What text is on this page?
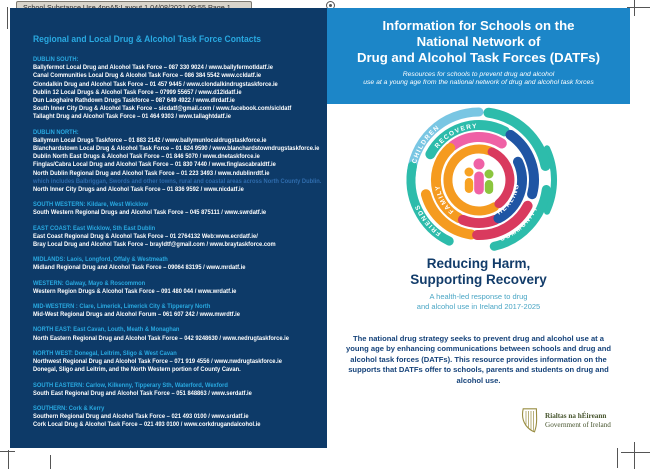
Regional and Local Drug & Alcohol Task Force Contacts
DUBLIN SOUTH:
Ballyfermot Local Drug and Alcohol Task Force – 087 330 9024 / www.ballyfermotldatf.ie
Canal Communities Local Drug & Alcohol Task Force – 086 384 5542 www.ccldatf.ie
Clondalkin Drug and Alcohol Task Force – 01 457 9445 / www.clondalkindrugstaskforce.ie
Dublin 12 Local Drugs & Alcohol Task Force – 07999 55657 / www.d12ldatf.ie
Dun Laoghaire Rathdown Drugs Taskforce – 087 649 4922 / www.dlrdatf.ie
South Inner City Drug & Alcohol Task Force – sicdatf@gmail.com / www.facebook.com/sicldatf
Tallaght Drug and Alcohol Task Force – 01 464 9303 / www.tallaghtdatf.ie
DUBLIN NORTH:
Ballymun Local Drugs Taskforce – 01 883 2142 / www.ballymunlocaldrugstaskforce.ie
Blanchardstown Local Drug & Alcohol Task Force – 01 824 9590 / www.blanchardstowndrugstaskforce.ie
Dublin North East Drugs & Alcohol Task Force – 01 846 5070 / www.dnetaskforce.ie
Finglas/Cabra Local Drug and Alcohol Task Force – 01 830 7440 / www.finglascabraldtf.ie
North Dublin Regional Drug and Alcohol Task Force – 01 223 3493 / www.ndublinrdtf.ie
which includes Balbriggan, Swords and other towns, rural and coastal areas across North County Dublin.
North Inner City Drugs and Alcohol Task Force – 01 836 9592 / www.nicdatf.ie
SOUTH WESTERN: Kildare, West Wicklow
South Western Regional Drugs and Alcohol Task Force – 045 875111 / www.swrdatf.ie
EAST COAST: East Wicklow, Sth East Dublin
East Coast Regional Drug & Alcohol Task Force – 01 2764132 Web:www.ecrdatf.ie/
Bray Local Drug and Alcohol Task Force – brayldtf@gmail.com / www.braytaskforce.com
MIDLANDS: Laois, Longford, Offaly & Westmeath
Midland Regional Drug and Alcohol Task Force – 09064 83195 / www.mrdatf.ie
WESTERN: Galway, Mayo & Roscommon
Western Region Drugs & Alcohol Task Force – 091 480 044 / www.wrdatf.ie
MID-WESTERN : Clare, Limerick, Limerick City & Tipperary North
Mid-West Regional Drugs and Alcohol Forum – 061 607 242 / www.mwrdtf.ie
NORTH EAST: East Cavan, Louth, Meath & Monaghan
North Eastern Regional Drug and Alcohol Task Force – 042 9248630 / www.nedrugtaskforce.ie
NORTH WEST: Donegal, Leitrim, Sligo & West Cavan
Northwest Regional Drug and Alcohol Task Force – 071 919 4556 / www.nwdrugtaskforce.ie
Donegal, Sligo and Leitrim, and the North Western portion of County Cavan.
SOUTH EASTERN: Carlow, Kilkenny, Tipperary Sth, Waterford, Wexford
South East Regional Drug and Alcohol Task Force – 051 848863 / www.serdatf.ie
SOUTHERN: Cork & Kerry
Southern Regional Drug and Alcohol Task Force – 021 493 0100 / www.srdatf.ie
Cork Local Drug & Alcohol Task Force – 021 493 0100 / www.corkdrugandalcohol.ie
Information for Schools on the
National Network of
Drug and Alcohol Task Forces (DATFs)
Resources for schools to prevent drug and alcohol
use at a young age from the national network of drug and alcohol task forces
CHILDREN
RECOVERY
FRIENDS	FAMILY
HEALING
COMMUNITY
Reducing Harm,
Supporting Recovery
A health-led response to drug
and alcohol use in Ireland 2017-2025
The national drug strategy seeks to prevent drug and alcohol use at a young age by enhancing communications between schools and drug and alcohol task forces (DATFs). This resource provides information on the supports that DATFs offer to schools, parents and students on drug and alcohol use.
Rialtas na hÉireann
Government of Ireland
